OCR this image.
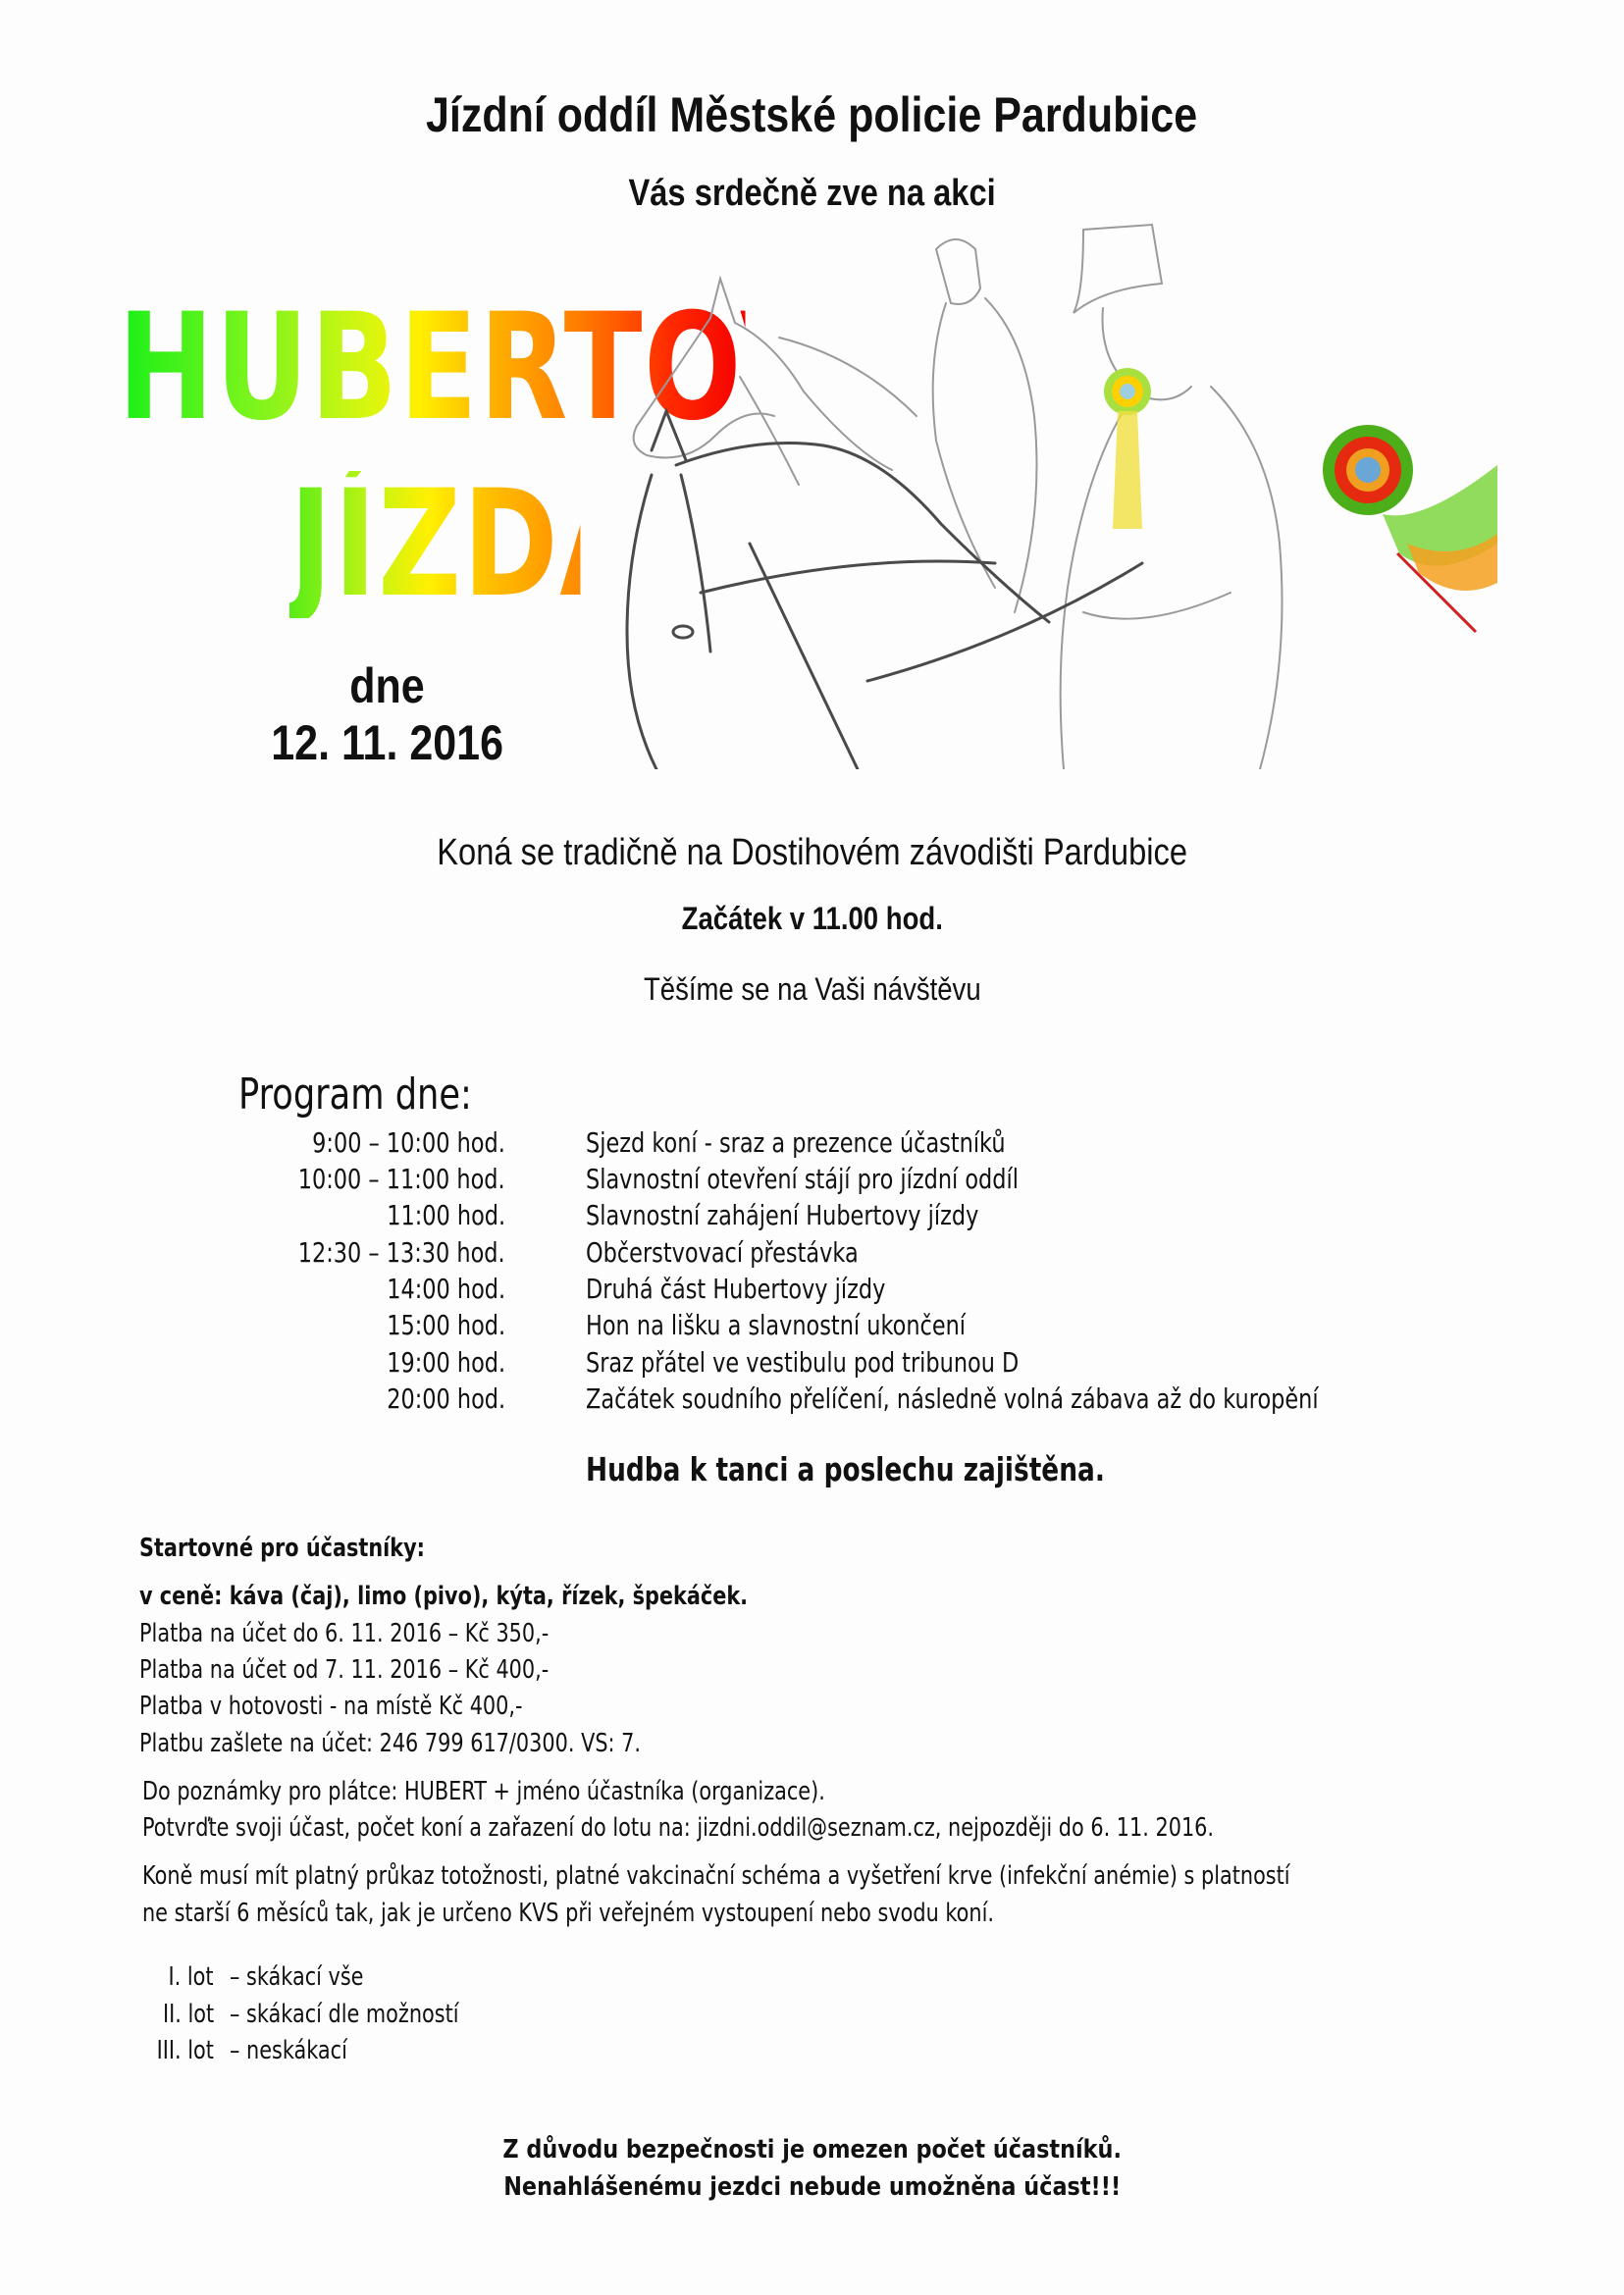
Jízdní oddíl Městské policie Pardubice
Vás srdečně zve na akci
HUBERTOVA
JÍZDA
dne
12. 11. 2016
Koná se tradičně na Dostihovém závodišti Pardubice
Začátek v 11.00 hod.
Těšíme se na Vaši návštěvu
Program dne:
9:00 – 10:00 hod.	Sjezd koní - sraz a prezence účastníků
10:00 – 11:00 hod.	Slavnostní otevření stájí pro jízdní oddíl
11:00 hod.	Slavnostní zahájení Hubertovy jízdy
12:30 – 13:30 hod.	Občerstvovací přestávka
14:00 hod.	Druhá část Hubertovy jízdy
15:00 hod.	Hon na lišku a slavnostní ukončení
19:00 hod.	Sraz přátel ve vestibulu pod tribunou D
20:00 hod.	Začátek soudního přelíčení, následně volná zábava až do kuropění
Hudba k tanci a poslechu zajištěna.
Startovné pro účastníky:
v ceně: káva (čaj), limo (pivo), kýta, řízek, špekáček.
Platba na účet do 6. 11. 2016 – Kč 350,-
Platba na účet od 7. 11. 2016 – Kč 400,-
Platba v hotovosti - na místě Kč 400,-
Platbu zašlete na účet: 246 799 617/0300. VS: 7.
Do poznámky pro plátce: HUBERT + jméno účastníka (organizace).
Potvrďte svoji účast, počet koní a zařazení do lotu na: jizdni.oddil@seznam.cz, nejpozději do 6. 11. 2016.
Koně musí mít platný průkaz totožnosti, platné vakcinační schéma a vyšetření krve (infekční anémie) s platností
ne starší 6 měsíců tak, jak je určeno KVS při veřejném vystoupení nebo svodu koní.
I. lot – skákací vše
II. lot – skákací dle možností
III. lot – neskákací
Z důvodu bezpečnosti je omezen počet účastníků.
Nenahlášenému jezdci nebude umožněna účast!!!
